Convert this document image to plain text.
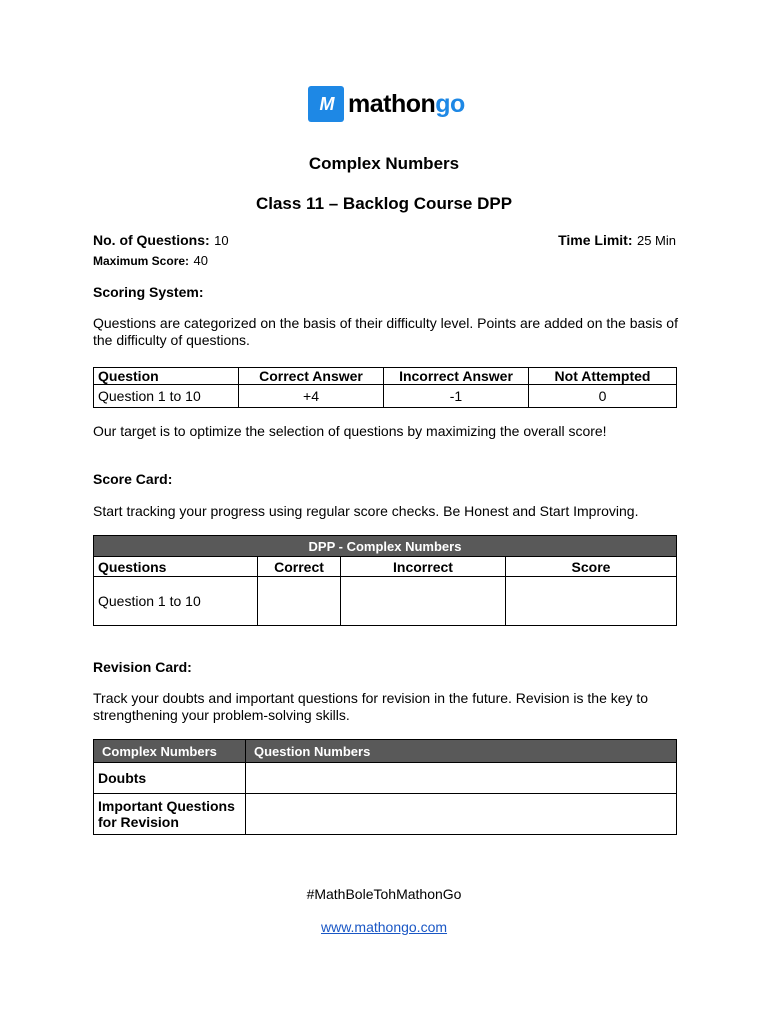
M mathongo
Complex Numbers
Class 11 – Backlog Course DPP
No. of Questions: 10	Time Limit: 25 Min
Maximum Score: 40
Scoring System:
Questions are categorized on the basis of their difficulty level. Points are added on the basis of the difficulty of questions.
Question	Correct Answer	Incorrect Answer	Not Attempted
Question 1 to 10	+4	-1	0
Our target is to optimize the selection of questions by maximizing the overall score!
Score Card:
Start tracking your progress using regular score checks. Be Honest and Start Improving.
DPP - Complex Numbers			
Questions	Correct	Incorrect	Score
Question 1 to 10			
Revision Card:
Track your doubts and important questions for revision in the future. Revision is the key to strengthening your problem-solving skills.
Complex Numbers	Question Numbers
Doubts	
Important Questions for Revision	
#MathBoleTohMathonGo
www.mathongo.com
